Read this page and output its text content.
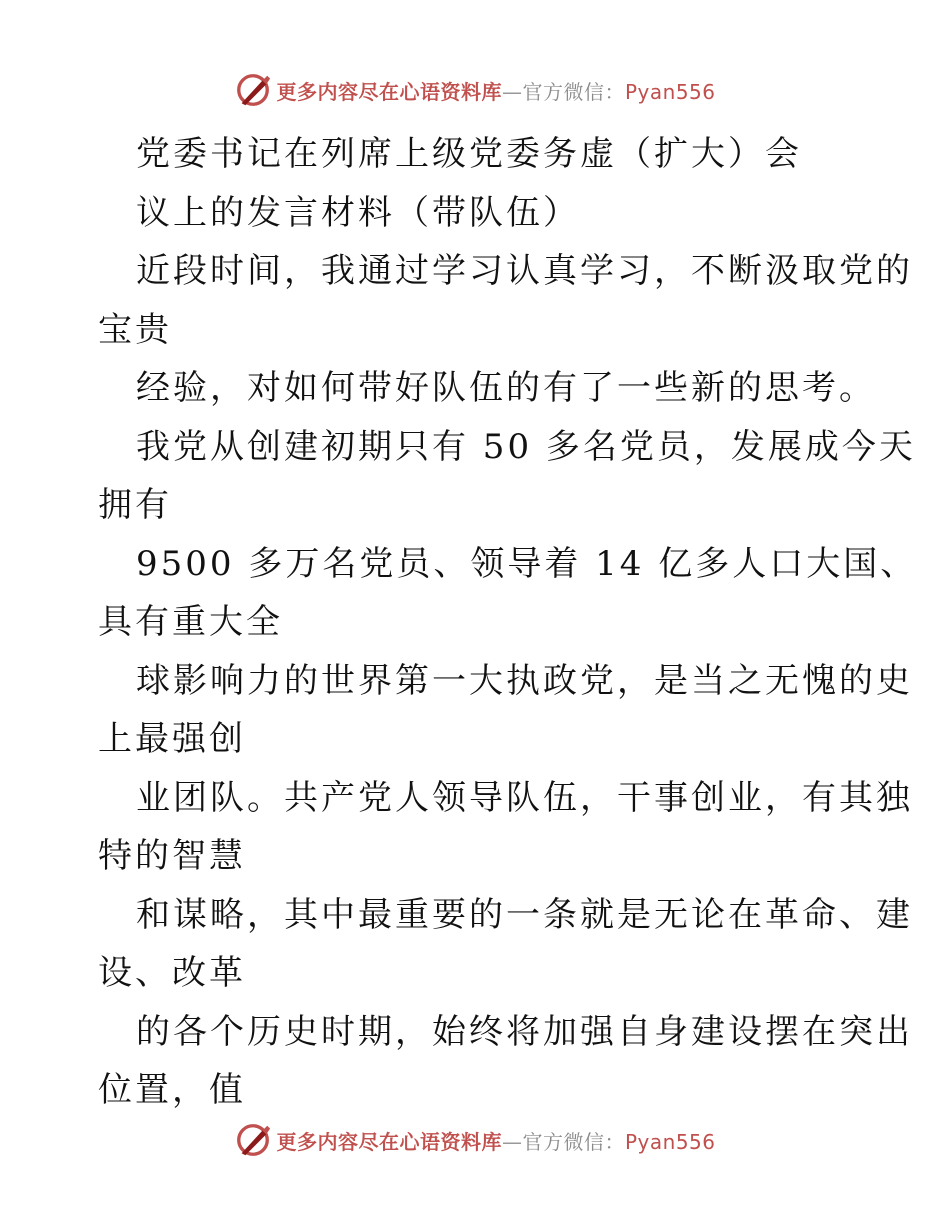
更多内容尽在心语资料库—官方微信：Pyan556
党委书记在列席上级党委务虚（扩大）会
议上的发言材料（带队伍）
近段时间，我通过学习认真学习，不断汲取党的
宝贵
经验，对如何带好队伍的有了一些新的思考。
我党从创建初期只有 50 多名党员，发展成今天
拥有
9500 多万名党员、领导着 14 亿多人口大国、
具有重大全
球影响力的世界第一大执政党，是当之无愧的史
上最强创
业团队。共产党人领导队伍，干事创业，有其独
特的智慧
和谋略，其中最重要的一条就是无论在革命、建
设、改革
的各个历史时期，始终将加强自身建设摆在突出
位置，值
更多内容尽在心语资料库—官方微信：Pyan556
